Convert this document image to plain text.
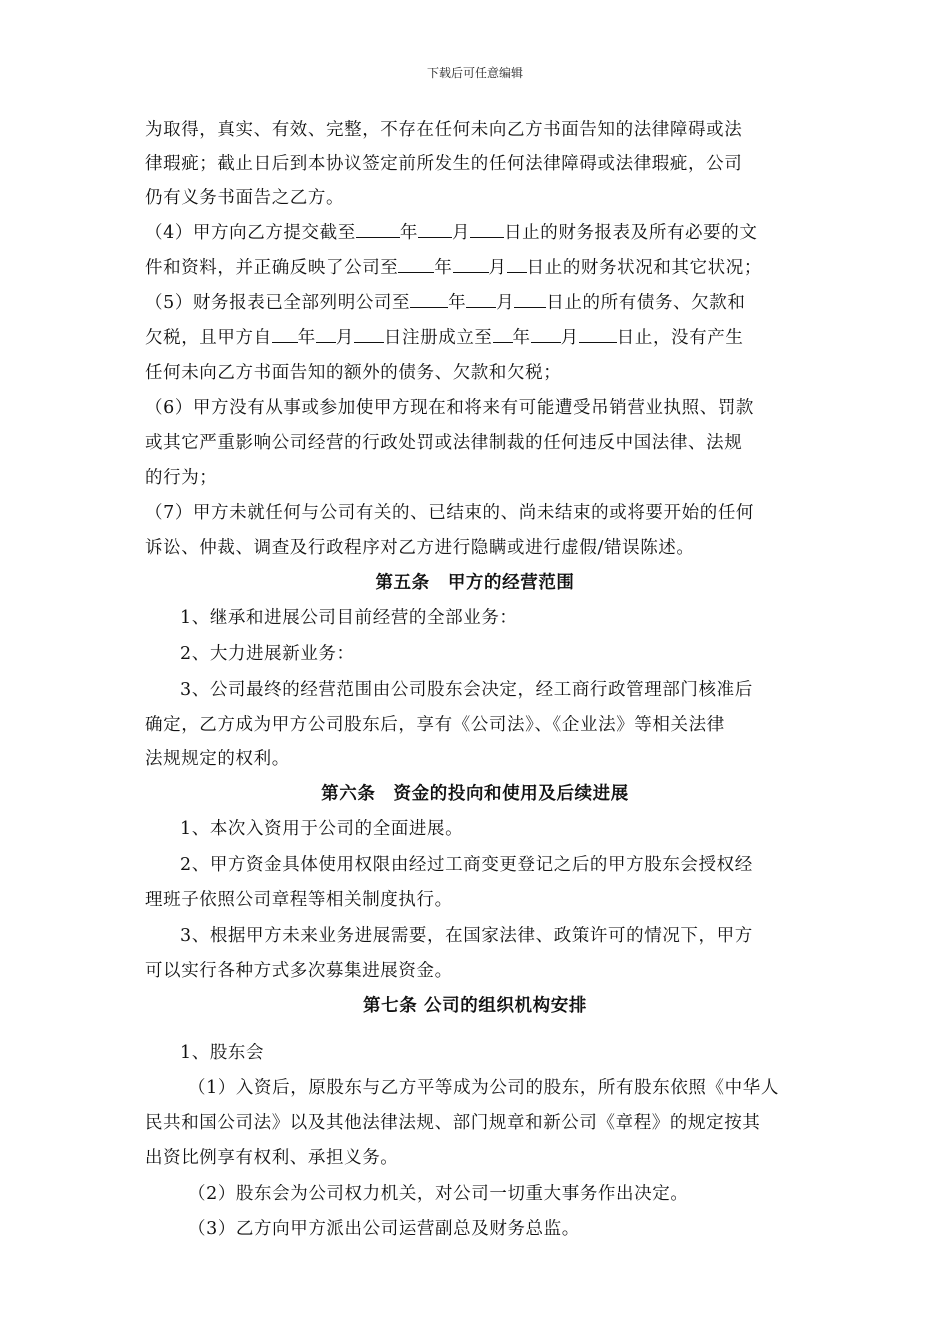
下载后可任意编辑
为取得，真实、有效、完整，不存在任何未向乙方书面告知的法律障碍或法
律瑕疵；截止日后到本协议签定前所发生的任何法律障碍或法律瑕疵，公司
仍有义务书面告之乙方。
（4）甲方向乙方提交截至	年 月 日止的财务报表及所有必要的文
件和资料，并正确反映了公司至 年 月 日止的财务状况和其它状况；
（5）财务报表已全部列明公司至 年 月 日止的所有债务、欠款和
欠税，且甲方自 年 月 日注册成立至 年 月 日止，没有产生
任何未向乙方书面告知的额外的债务、欠款和欠税；
（6）甲方没有从事或参加使甲方现在和将来有可能遭受吊销营业执照、罚款
或其它严重影响公司经营的行政处罚或法律制裁的任何违反中国法律、法规
的行为；
（7）甲方未就任何与公司有关的、已结束的、尚未结束的或将要开始的任何
诉讼、仲裁、调查及行政程序对乙方进行隐瞒或进行虚假/错误陈述。
第五条　甲方的经营范围
1、继承和进展公司目前经营的全部业务：
2、大力进展新业务：
3、公司最终的经营范围由公司股东会决定，经工商行政管理部门核准后
确定，乙方成为甲方公司股东后，享有《公司法》、《企业法》等相关法律
法规规定的权利。
第六条　资金的投向和使用及后续进展
1、本次入资用于公司的全面进展。
2、甲方资金具体使用权限由经过工商变更登记之后的甲方股东会授权经
理班子依照公司章程等相关制度执行。
3、根据甲方未来业务进展需要，在国家法律、政策许可的情况下，甲方
可以实行各种方式多次募集进展资金。
第七条 公司的组织机构安排
1、股东会
（1）入资后，原股东与乙方平等成为公司的股东，所有股东依照《中华人
民共和国公司法》以及其他法律法规、部门规章和新公司《章程》的规定按其
出资比例享有权利、承担义务。
（2）股东会为公司权力机关，对公司一切重大事务作出决定。
（3）乙方向甲方派出公司运营副总及财务总监。
